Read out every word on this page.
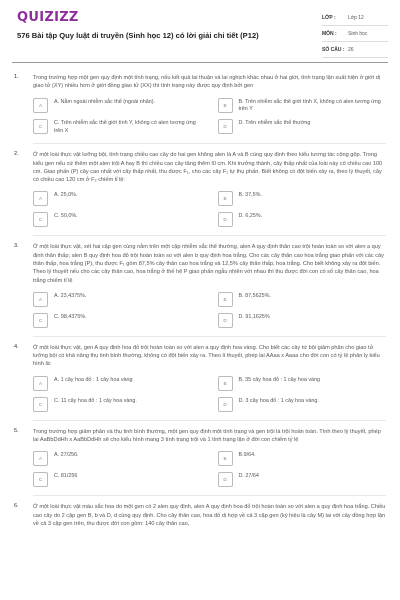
QUIZIZZ
576 Bài tập Quy luật di truyền (Sinh học 12) có lời giải chi tiết (P12)
LỚP :	Lớp 12
MÔN :	Sinh học
SỐ CÂU : 26
1.	Trong trường hợp một gen quy định một tính trạng, nếu kết quả lai thuận và lai nghịch khác nhau ở hai giới, tính trạng lặn xuất hiện ở giới dị giao tử (XY) nhiều hơn ở giới đồng giao tử (XX) thì tính trạng này được quy định bởi gen
A
A. Nằm ngoài nhiễm sắc thể (ngoài nhân).
B
B. Trên nhiễm sắc thể giới tính X, không có alen tương ứng trên Y
C
C. Trên nhiễm sắc thể giới tính Y, không có alen tương ứng trên X
D
D. Trên nhiễm sắc thể thường
2.	Ở một loài thực vật lưỡng bội, tính trạng chiều cao cây do hai gen không alen là A và B cùng quy định theo kiểu tương tác cộng gộp. Trong kiểu gen nếu cứ thêm một alen trội A hay B thì chiều cao cây tăng thêm l0 cm. Khi trưởng thành, cây thấp nhất của loài này có chiều cao 100 cm. Giao phấn (P) cây cao nhất với cây thấp nhất, thu được F₁, cho các cây F₁ tự thụ phấn. Biết không có đột biến xảy ra, theo lý thuyết, cây có chiều cao 120 cm ở F₂ chiếm tỉ lệ:
A
A. 25,0%.
B
B. 37,5%.
C
C. 50,0%.
D
D. 6,25%.
3.	Ở một loài thực vật, xét hai cặp gen cùng nằm trên một cặp nhiễm sắc thể thường, alen A quy định thân cao trội hoàn toàn so với alen a quy định thân thấp; alen B quy định hoa đỏ trội hoàn toàn so với alen b quy định hoa trắng. Cho các cây thân cao hoa trắng giao phấn với các cây thân thấp, hoa trắng (P), thu được F₁ gồm 87,5% cây thân cao hoa trắng và 12,5% cây thân thấp, hoa trắng. Cho biết không xảy ra đột biến. Theo lý thuyết nếu cho các cây thân cao, hoa trắng ở thế hệ P giao phấn ngẫu nhiên với nhau thì thu được đời con có số cây thân cao, hoa trắng chiếm tỉ lệ
A
A. 23,4375%.
B
B. 87,5625%.
C
C. 98,4375%.
D
D. 91,1625%
4.	Ở một loài thực vật, gen A quy định hoa đỏ trội hoàn toàn so với alen a quy định hoa vàng. Cho biết các cây tứ bội giảm phân cho giao tử lưỡng bội có khả năng thụ tinh bình thường, không có đột biến xảy ra. Theo lí thuyết, phép lai AAaa x Aaaa cho đời con có tỷ lệ phân ly kiểu hình là:
A
A. 1 cây hoa đỏ : 1 cây hoa vàng
B
B. 35 cây hoa đỏ : 1 cây hoa vàng
C
C. 11 cây hoa đỏ : 1 cây hoa vàng.
D
D. 3 cây hoa đỏ : 1 cây hoa vàng.
5.	Trong trường hợp giảm phân và thụ tinh bình thường, một gen quy định một tính trạng và gen trội là trội hoàn toàn. Tính theo lý thuyết, phép lai AaBbDdHh x AaBbDdHh sẽ cho kiểu hình mang 3 tính trạng trội và 1 tính trạng lặn ở đời con chiếm tỷ lệ
A
A. 27/256.
B
B.9/64.
C
C. 81/256
D
D. 27/64
6.	Ở một loài thực vật màu sắc hoa do một gen có 2 alen quy định, alen A quy định hoa đỏ trội hoàn toàn so với alen a quy định hoa trắng. Chiều cao cây do 2 cặp gen B, b và D, d cùng quy định. Cho cây thân cao, hoa đỏ dị hợp về cả 3 cặp gen (ký hiệu là cây M) lai với cây đồng hợp lặn về cả 3 cặp gen trên, thu được đời con gồm: 140 cây thân cao,
